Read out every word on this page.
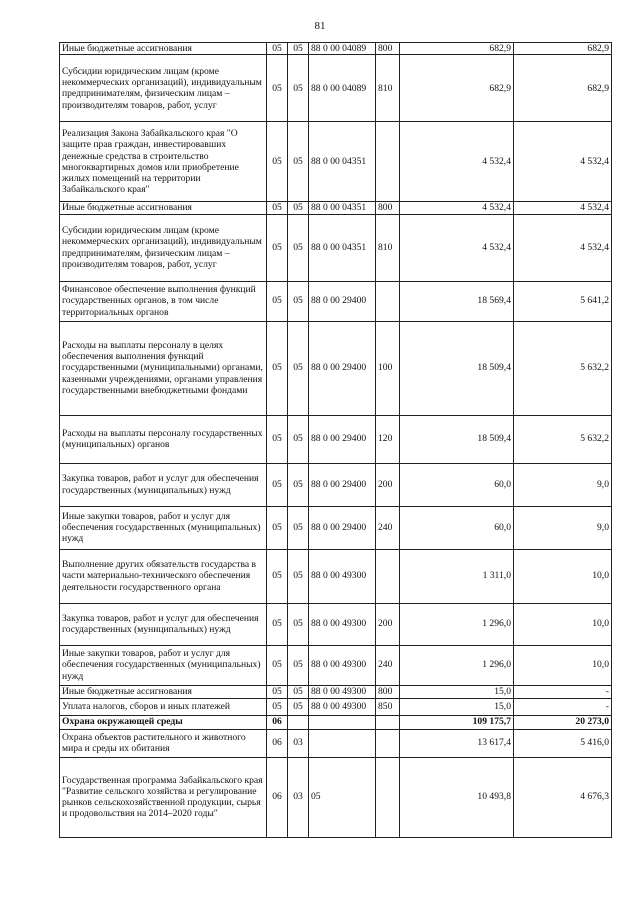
81
Иные бюджетные ассигнования	05	05	88 0 00 04089	800	682,9	682,9
Субсидии юридическим лицам (кроме некоммерческих организаций), индивидуальным предпринимателям, физическим лицам – производителям товаров, работ, услуг	05	05	88 0 00 04089	810	682,9	682,9
Реализация Закона Забайкальского края "О защите прав граждан, инвестировавших денежные средства в строительство многоквартирных домов или приобретение жилых помещений на территории Забайкальского края"	05	05	88 0 00 04351		4 532,4	4 532,4
Иные бюджетные ассигнования	05	05	88 0 00 04351	800	4 532,4	4 532,4
Субсидии юридическим лицам (кроме некоммерческих организаций), индивидуальным предпринимателям, физическим лицам – производителям товаров, работ, услуг	05	05	88 0 00 04351	810	4 532,4	4 532,4
Финансовое обеспечение выполнения функций государственных органов, в том числе территориальных органов	05	05	88 0 00 29400		18 569,4	5 641,2
Расходы на выплаты персоналу в целях обеспечения выполнения функций государственными (муниципальными) органами, казенными учреждениями, органами управления государственными внебюджетными фондами	05	05	88 0 00 29400	100	18 509,4	5 632,2
Расходы на выплаты персоналу государственных (муниципальных) органов	05	05	88 0 00 29400	120	18 509,4	5 632,2
Закупка товаров, работ и услуг для обеспечения государственных (муниципальных) нужд	05	05	88 0 00 29400	200	60,0	9,0
Иные закупки товаров, работ и услуг для обеспечения государственных (муниципальных) нужд	05	05	88 0 00 29400	240	60,0	9,0
Выполнение других обязательств государства в части материально-технического обеспечения деятельности государственного органа	05	05	88 0 00 49300		1 311,0	10,0
Закупка товаров, работ и услуг для обеспечения государственных (муниципальных) нужд	05	05	88 0 00 49300	200	1 296,0	10,0
Иные закупки товаров, работ и услуг для обеспечения государственных (муниципальных) нужд	05	05	88 0 00 49300	240	1 296,0	10,0
Иные бюджетные ассигнования	05	05	88 0 00 49300	800	15,0	-
Уплата налогов, сборов и иных платежей	05	05	88 0 00 49300	850	15,0	-
Охрана окружающей среды	06				109 175,7	20 273,0
Охрана объектов растительного и животного мира и среды их обитания	06	03			13 617,4	5 416,0
Государственная программа Забайкальского края "Развитие сельского хозяйства и регулирование рынков сельскохозяйственной продукции, сырья и продовольствия на 2014–2020 годы"	06	03	05		10 493,8	4 676,3
